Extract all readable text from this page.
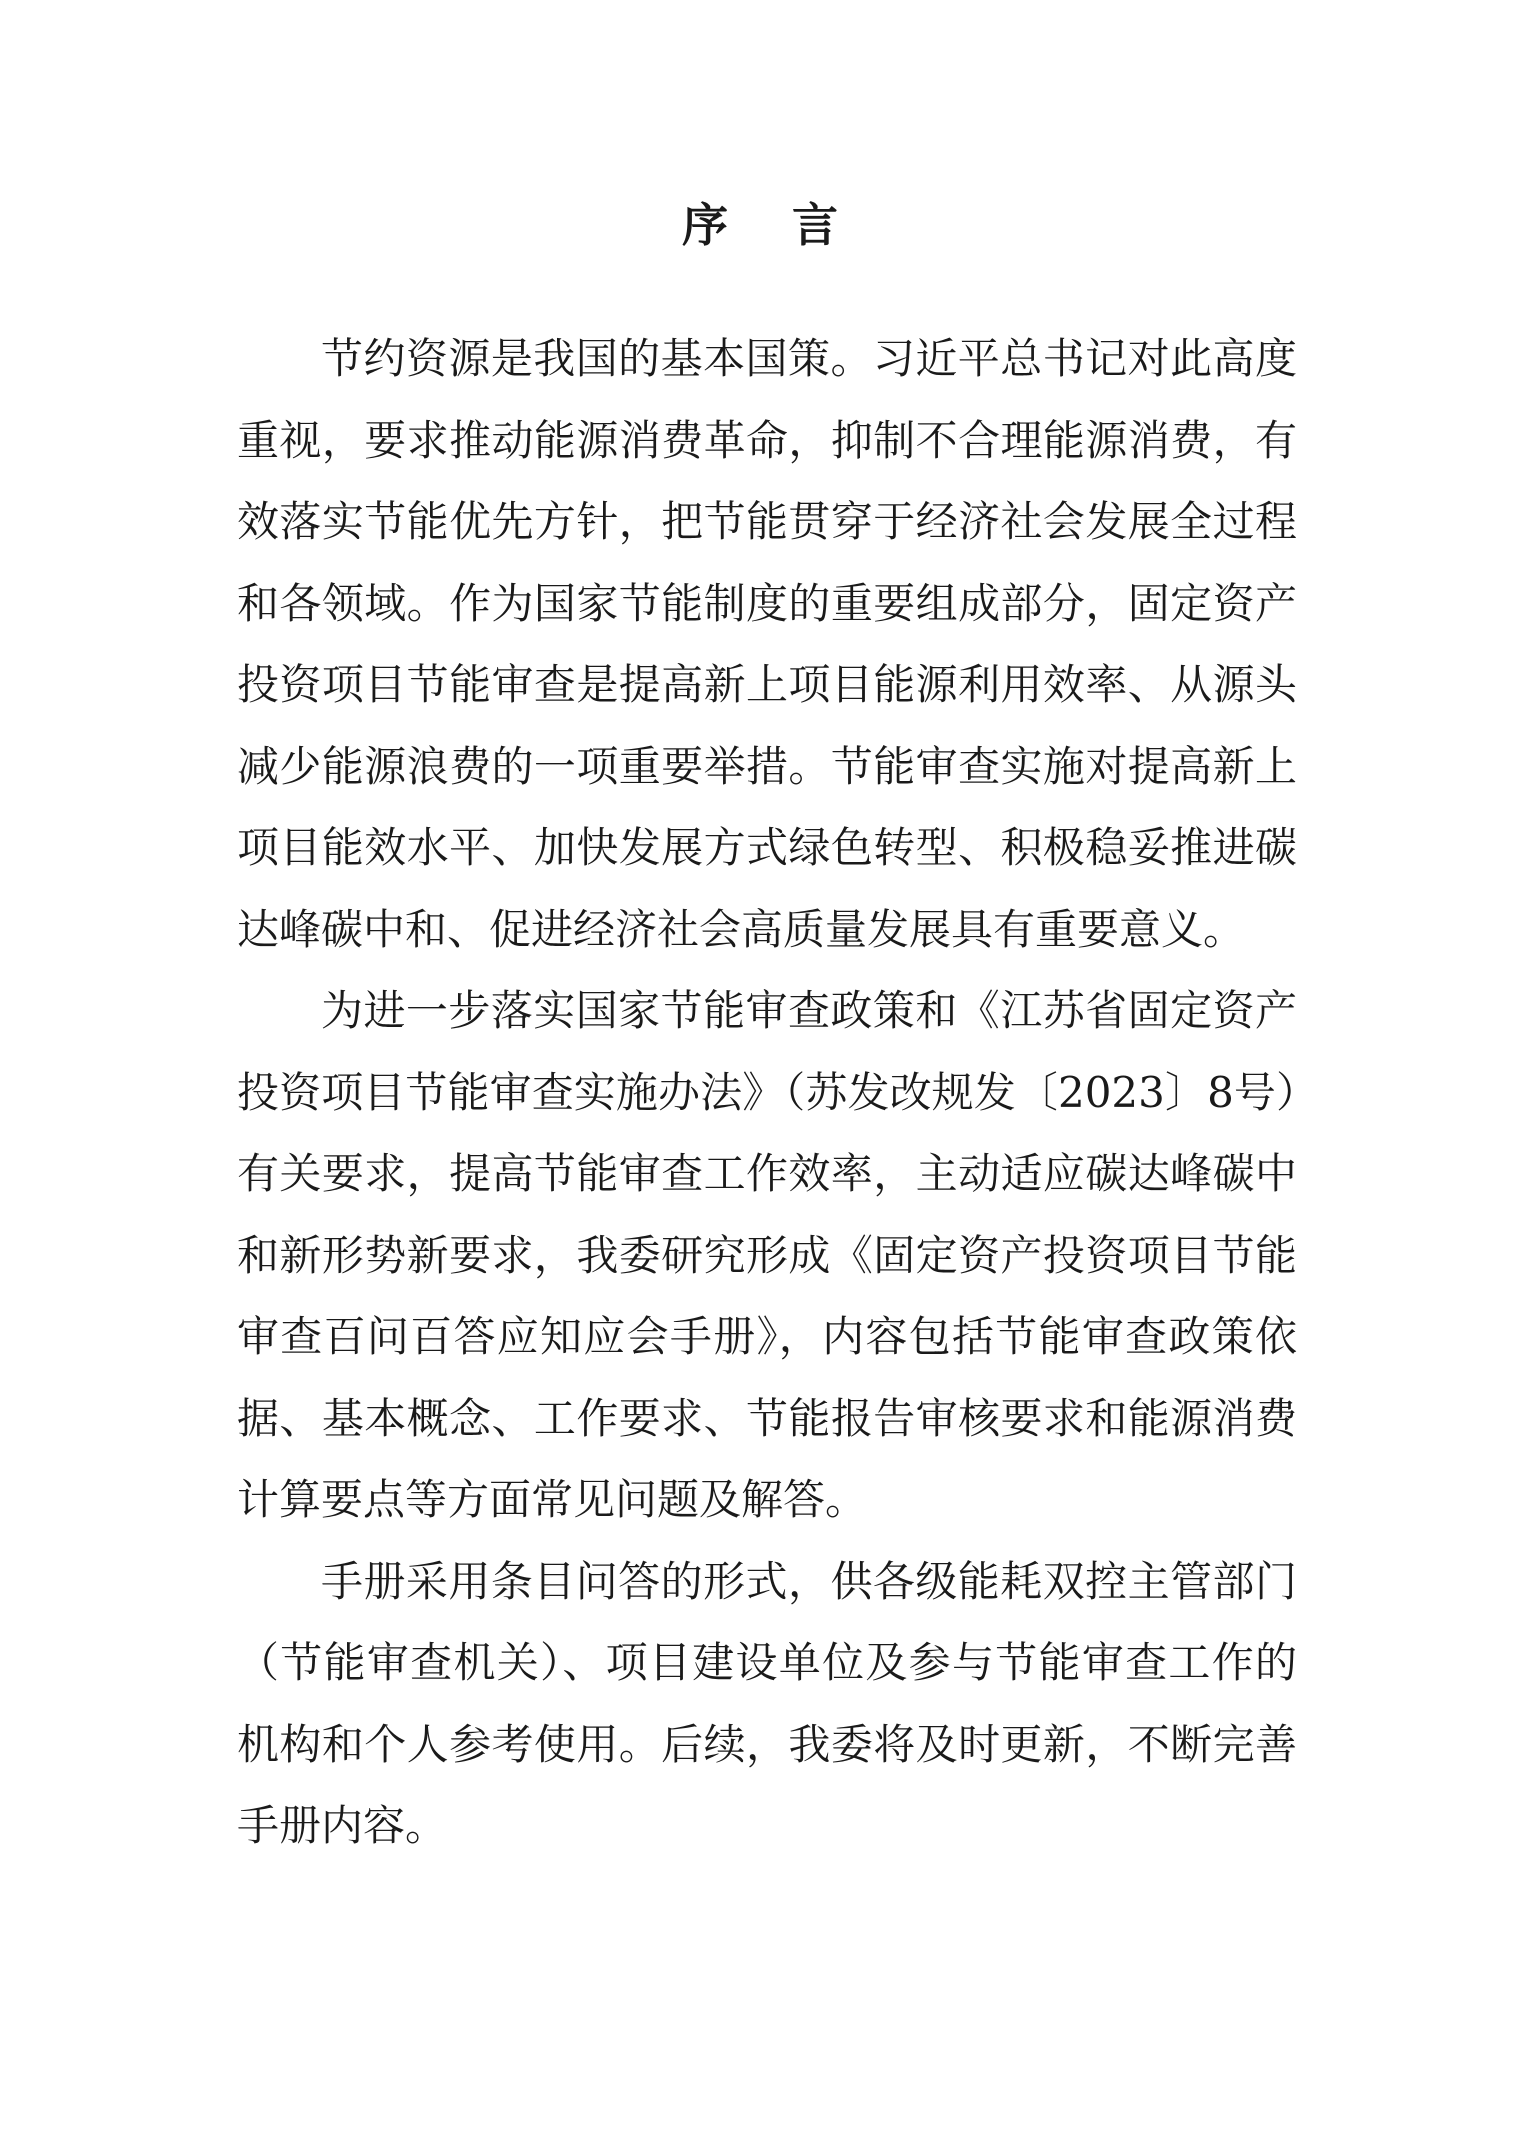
序言

节约资源是我国的基本国策。习近平总书记对此高度重视，要求推动能源消费革命，抑制不合理能源消费，有效落实节能优先方针，把节能贯穿于经济社会发展全过程和各领域。作为国家节能制度的重要组成部分，固定资产投资项目节能审查是提高新上项目能源利用效率、从源头减少能源浪费的一项重要举措。节能审查实施对提高新上项目能效水平、加快发展方式绿色转型、积极稳妥推进碳达峰碳中和、促进经济社会高质量发展具有重要意义。

为进一步落实国家节能审查政策和《江苏省固定资产投资项目节能审查实施办法》（苏发改规发〔2023〕8号）有关要求，提高节能审查工作效率，主动适应碳达峰碳中和新形势新要求，我委研究形成《固定资产投资项目节能审查百问百答应知应会手册》，内容包括节能审查政策依据、基本概念、工作要求、节能报告审核要求和能源消费计算要点等方面常见问题及解答。

手册采用条目问答的形式，供各级能耗双控主管部门（节能审查机关）、项目建设单位及参与节能审查工作的机构和个人参考使用。后续，我委将及时更新，不断完善手册内容。
